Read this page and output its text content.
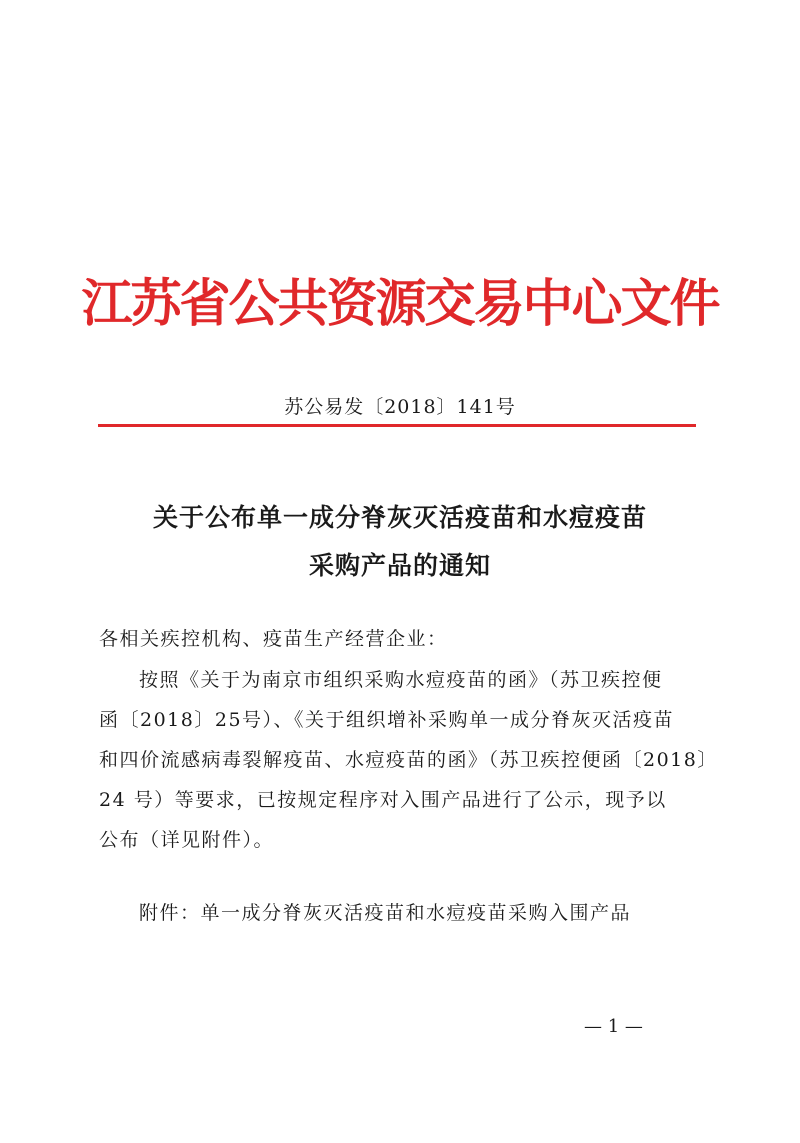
江苏省公共资源交易中心文件
苏公易发〔2018〕141号
关于公布单一成分脊灰灭活疫苗和水痘疫苗
采购产品的通知
各相关疾控机构、疫苗生产经营企业：
按照《关于为南京市组织采购水痘疫苗的函》（苏卫疾控便
函〔2018〕25号）、《关于组织增补采购单一成分脊灰灭活疫苗
和四价流感病毒裂解疫苗、水痘疫苗的函》（苏卫疾控便函〔2018〕
24 号）等要求，已按规定程序对入围产品进行了公示，现予以
公布（详见附件）。
附件：单一成分脊灰灭活疫苗和水痘疫苗采购入围产品
— 1 —
